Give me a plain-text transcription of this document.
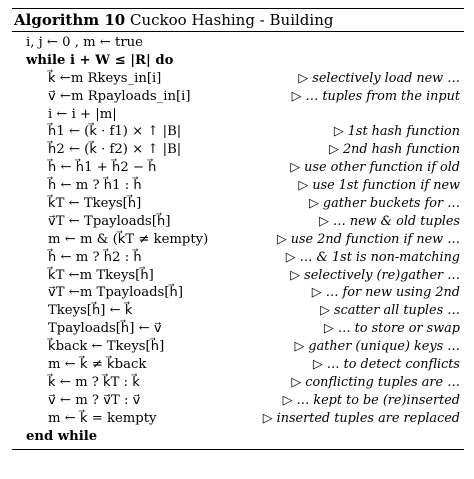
Algorithm 10 Cuckoo Hashing - Building
i, j ← 0 , m ← true
while i + W ≤ |R| do
k⃗ ←m Rkeys_in[i]	▷ selectively load new …
v⃗ ←m Rpayloads_in[i]	▷ … tuples from the input
i ← i + |m|
h⃗1 ← (k⃗ · f1) × ↑ |B|	▷ 1st hash function
h⃗2 ← (k⃗ · f2) × ↑ |B|	▷ 2nd hash function
h⃗ ← h⃗1 + h⃗2 − h⃗	▷ use other function if old
h⃗ ← m ? h⃗1 : h⃗	▷ use 1st function if new
k⃗T ← Tkeys[h⃗]	▷ gather buckets for …
v⃗T ← Tpayloads[h⃗]	▷ … new & old tuples
m ← m & (k⃗T ≠ kempty)	▷ use 2nd function if new …
h⃗ ← m ? h⃗2 : h⃗	▷ … & 1st is non-matching
k⃗T ←m Tkeys[h⃗]	▷ selectively (re)gather …
v⃗T ←m Tpayloads[h⃗]	▷ … for new using 2nd
Tkeys[h⃗] ← k⃗	▷ scatter all tuples …
Tpayloads[h⃗] ← v⃗	▷ … to store or swap
k⃗back ← Tkeys[h⃗]	▷ gather (unique) keys …
m ← k⃗ ≠ k⃗back	▷ … to detect conflicts
k⃗ ← m ? k⃗T : k⃗	▷ conflicting tuples are …
v⃗ ← m ? v⃗T : v⃗	▷ … kept to be (re)inserted
m ← k⃗ = kempty	▷ inserted tuples are replaced
end while
